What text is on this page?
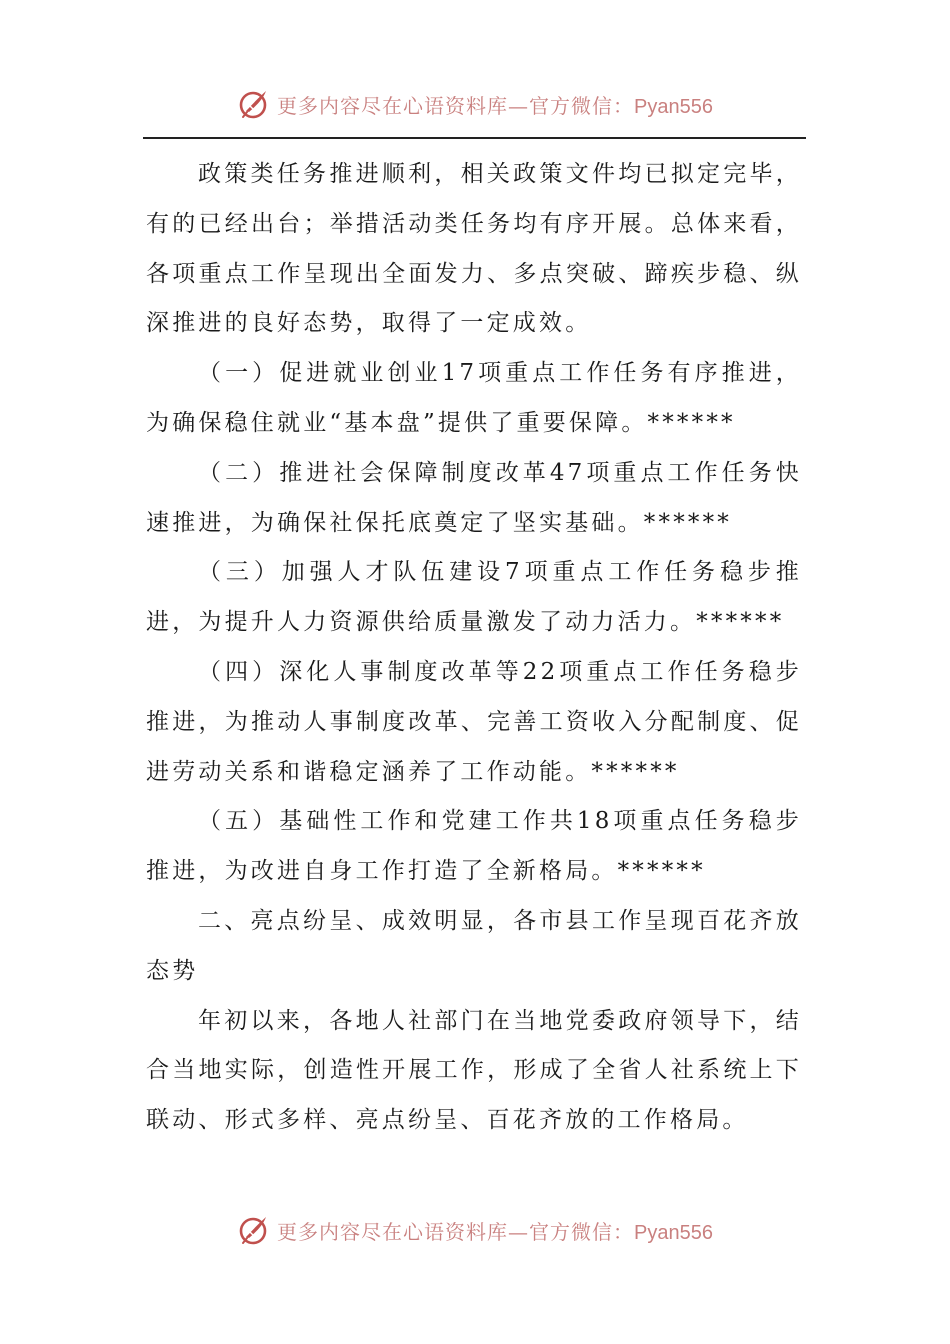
更多内容尽在心语资料库—官方微信：Pyan556

政策类任务推进顺利，相关政策文件均已拟定完毕，有的已经出台；举措活动类任务均有序开展。总体来看，各项重点工作呈现出全面发力、多点突破、蹄疾步稳、纵深推进的良好态势，取得了一定成效。

（一）促进就业创业17项重点工作任务有序推进，为确保稳住就业“基本盘”提供了重要保障。******

（二）推进社会保障制度改革47项重点工作任务快速推进，为确保社保托底奠定了坚实基础。******

（三）加强人才队伍建设7项重点工作任务稳步推进，为提升人力资源供给质量激发了动力活力。******

（四）深化人事制度改革等22项重点工作任务稳步推进，为推动人事制度改革、完善工资收入分配制度、促进劳动关系和谐稳定涵养了工作动能。******

（五）基础性工作和党建工作共18项重点任务稳步推进，为改进自身工作打造了全新格局。******

二、亮点纷呈、成效明显，各市县工作呈现百花齐放态势

年初以来，各地人社部门在当地党委政府领导下，结合当地实际，创造性开展工作，形成了全省人社系统上下联动、形式多样、亮点纷呈、百花齐放的工作格局。

更多内容尽在心语资料库—官方微信：Pyan556
